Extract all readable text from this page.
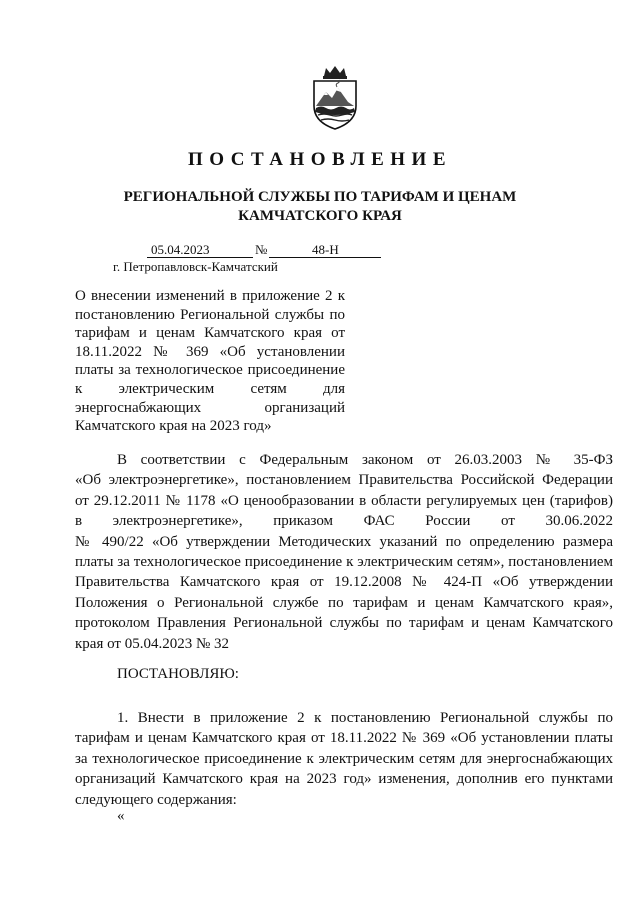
ПОСТАНОВЛЕНИЕ
РЕГИОНАЛЬНОЙ СЛУЖБЫ ПО ТАРИФАМ И ЦЕНАМ
КАМЧАТСКОГО КРАЯ
05.04.2023	№	48-Н
г. Петропавловск-Камчатский
О внесении изменений в приложение 2 к
постановлению Региональной службы по
тарифам и ценам Камчатского края от
18.11.2022 № 369 «Об установлении
платы за технологическое присоединение
к электрическим сетям для
энергоснабжающих организаций
Камчатского края на 2023 год»
В соответствии с Федеральным законом от 26.03.2003 № 35-ФЗ
«Об электроэнергетике», постановлением Правительства Российской Федерации
от 29.12.2011 № 1178 «О ценообразовании в области регулируемых цен (тарифов)
в электроэнергетике», приказом ФАС России от 30.06.2022
№ 490/22 «Об утверждении Методических указаний по определению размера
платы за технологическое присоединение к электрическим сетям», постановлением
Правительства Камчатского края от 19.12.2008 № 424-П «Об утверждении
Положения о Региональной службе по тарифам и ценам Камчатского края»,
протоколом Правления Региональной службы по тарифам и ценам Камчатского
края от 05.04.2023 № 32
ПОСТАНОВЛЯЮ:
1. Внести в приложение 2 к постановлению Региональной службы по
тарифам и ценам Камчатского края от 18.11.2022 № 369 «Об установлении платы
за технологическое присоединение к электрическим сетям для энергоснабжающих
организаций Камчатского края на 2023 год» изменения, дополнив его пунктами
следующего содержания:
«
